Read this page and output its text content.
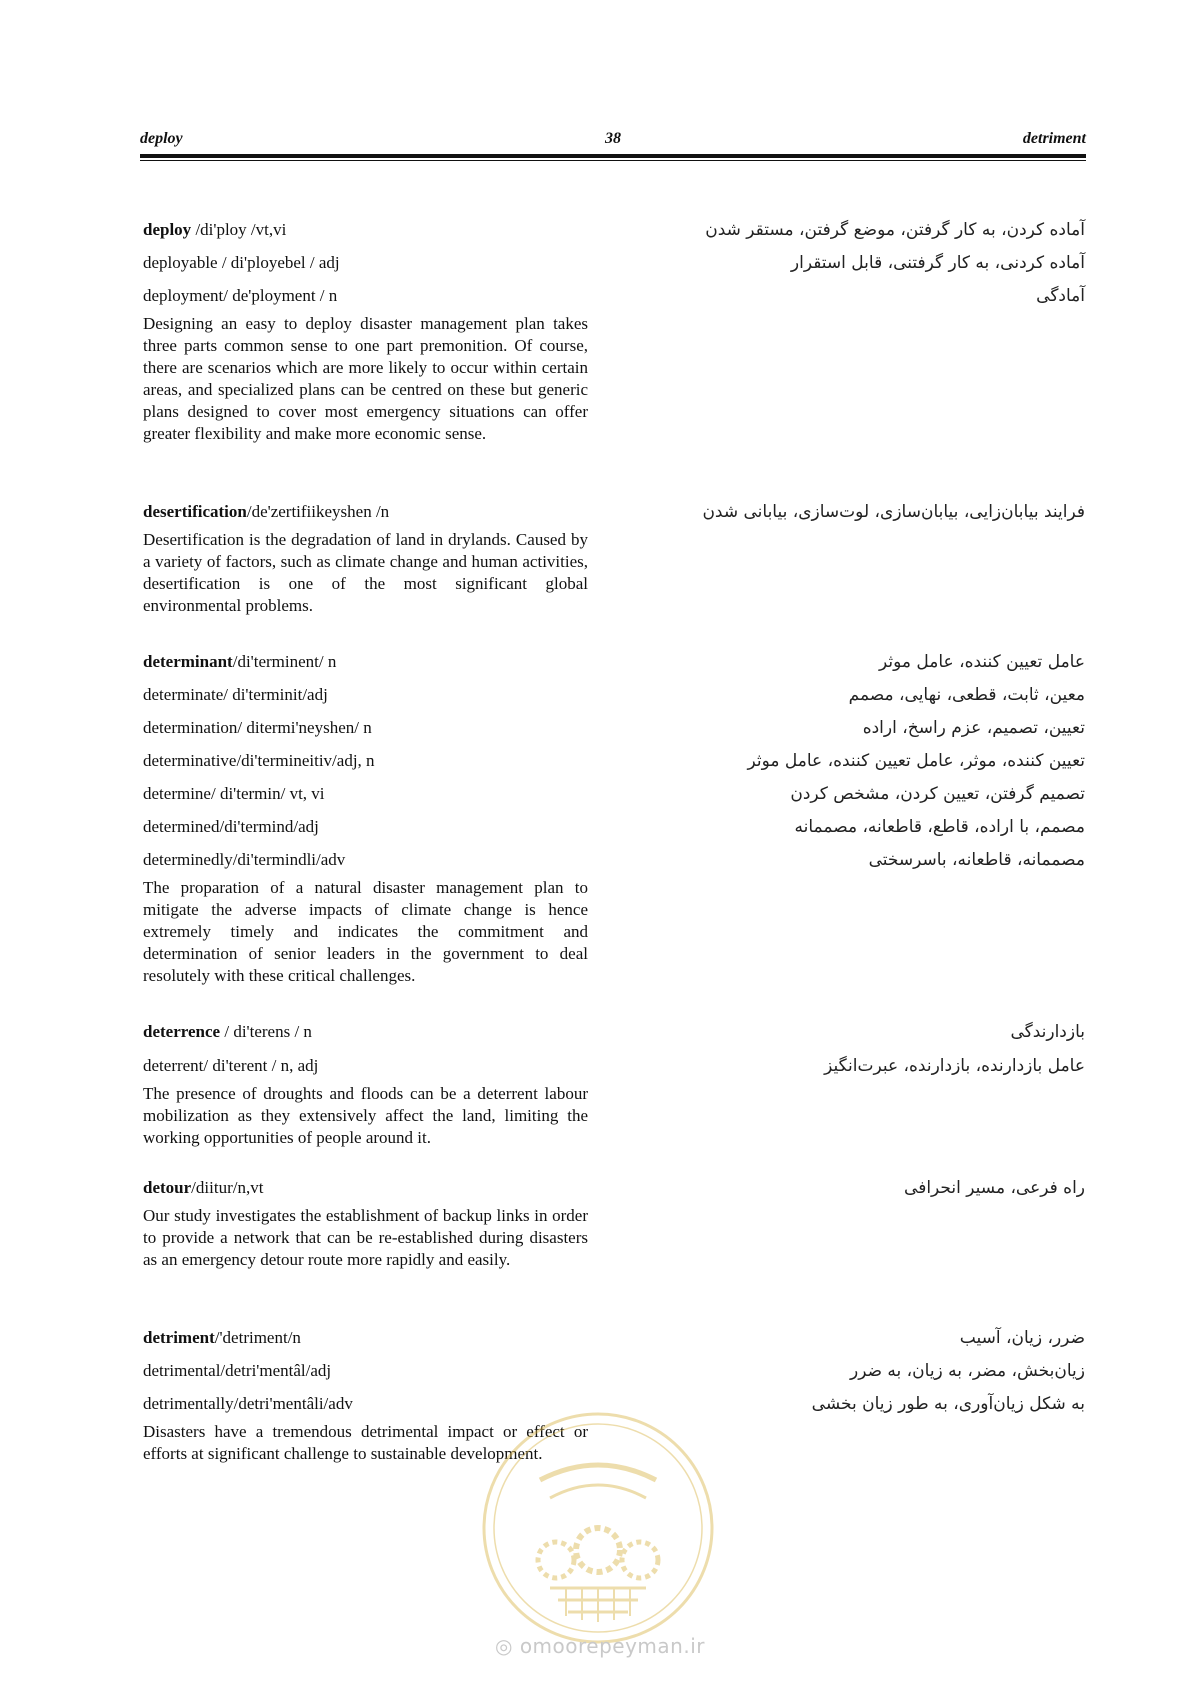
deploy	38	detriment
deploy /di'ploy /vt,vi	آماده کردن، به کار گرفتن، موضع گرفتن، مستقر شدن
deployable / di'ployebel / adj	آماده کردنی، به کار گرفتنی، قابل استقرار
deployment/ de'ployment / n	آمادگی
Designing an easy to deploy disaster management plan takes three parts common sense to one part premonition. Of course, there are scenarios which are more likely to occur within certain areas, and specialized plans can be centred on these but generic plans designed to cover most emergency situations can offer greater flexibility and make more economic sense.
desertification/de'zertifiikeyshen /n	فرایند بیابان‌زایی، بیابان‌سازی، لوت‌سازی، بیابانی شدن
Desertification is the degradation of land in drylands. Caused by a variety of factors, such as climate change and human activities, desertification is one of the most significant global environmental problems.
determinant/di'terminent/ n	عامل تعیین کننده، عامل موثر
determinate/ di'terminit/adj	معین، ثابت، قطعی، نهایی، مصمم
determination/ ditermi'neyshen/ n	تعیین، تصمیم، عزم راسخ، اراده
determinative/di'termineitiv/adj, n	تعیین کننده، موثر، عامل تعیین کننده، عامل موثر
determine/ di'termin/ vt, vi	تصمیم گرفتن، تعیین کردن، مشخص کردن
determined/di'termind/adj	مصمم، با اراده، قاطع، قاطعانه، مصممانه
determinedly/di'termindli/adv	مصممانه، قاطعانه، باسرسختی
The proparation of a natural disaster management plan to mitigate the adverse impacts of climate change is hence extremely timely and indicates the commitment and determination of senior leaders in the government to deal resolutely with these critical challenges.
deterrence / di'terens / n	بازدارندگی
deterrent/ di'terent / n, adj	عامل بازدارنده، بازدارنده، عبرت‌انگیز
The presence of droughts and floods can be a deterrent labour mobilization as they extensively affect the land, limiting the working opportunities of people around it.
detour/diitur/n,vt	راه فرعی، مسیر انحرافی
Our study investigates the establishment of backup links in order to provide a network that can be re-established during disasters as an emergency detour route more rapidly and easily.
detriment/'detriment/n	ضرر، زیان، آسیب
detrimental/detri'mentâl/adj	زیان‌بخش، مضر، به زیان، به ضرر
detrimentally/detri'mentâli/adv	به شکل زیان‌آوری، به طور زیان بخشی
Disasters have a tremendous detrimental impact or effect or efforts at significant challenge to sustainable development.
◎ omoorepeyman.ir
